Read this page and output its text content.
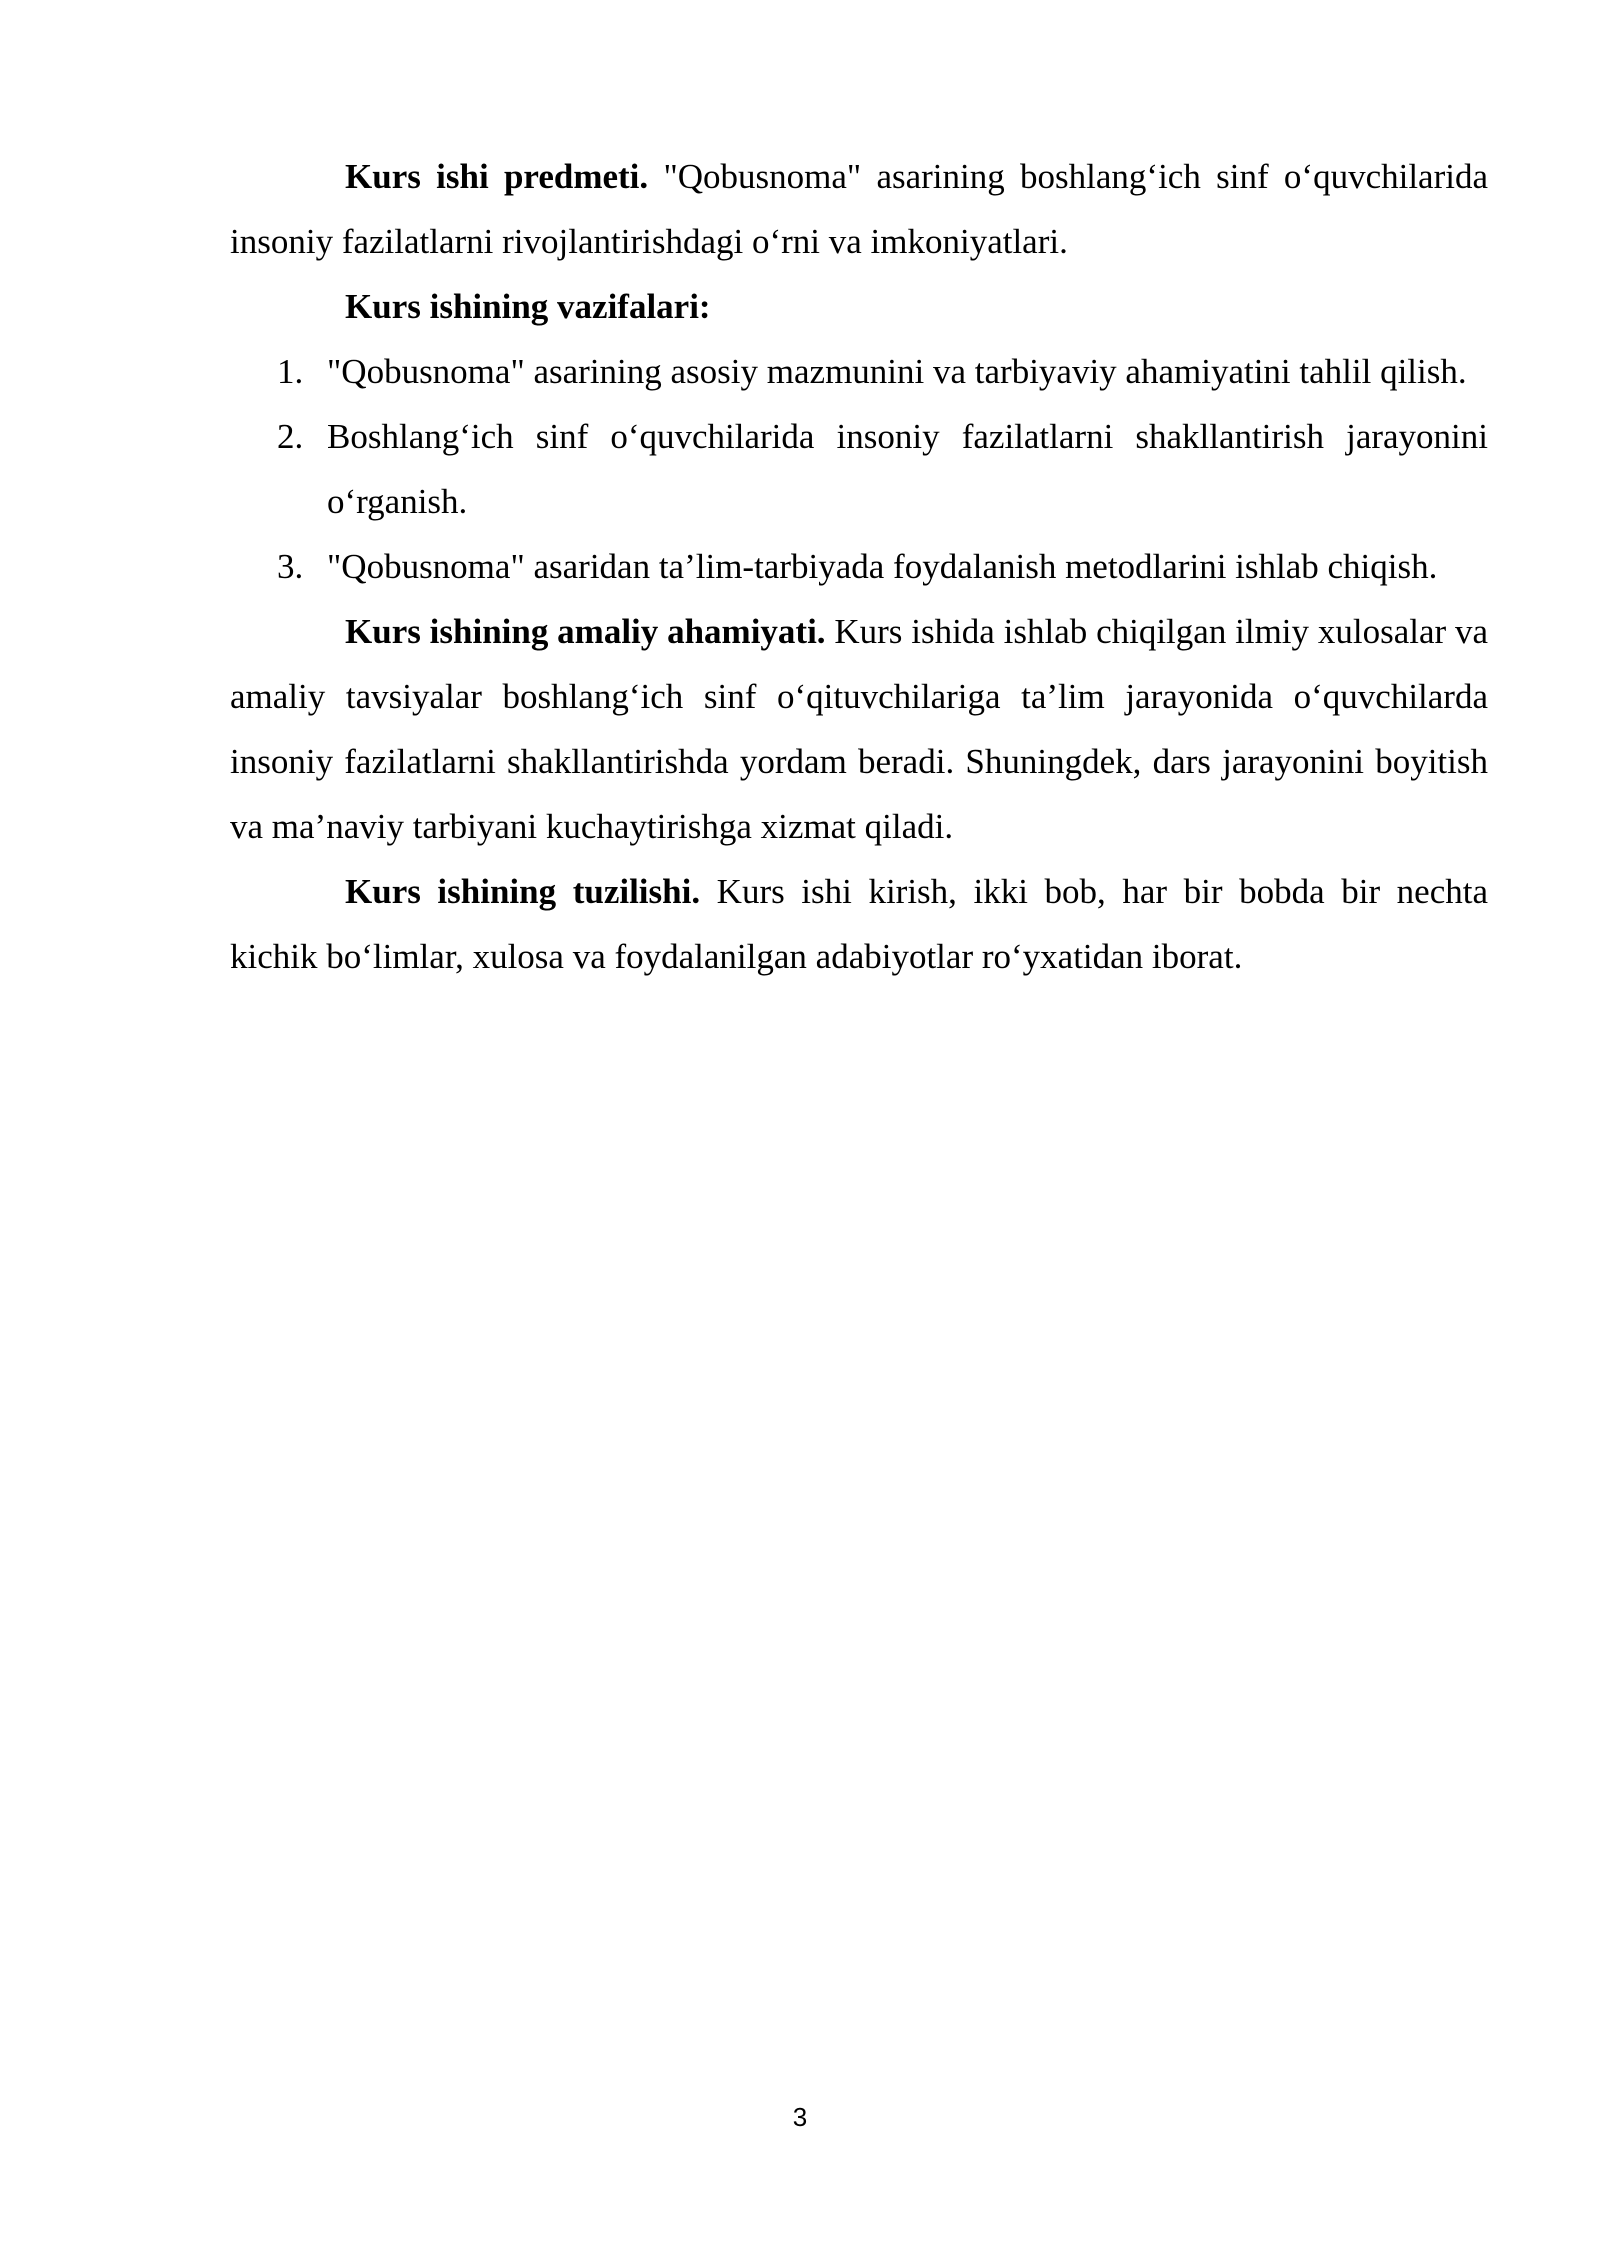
Kurs ishi predmeti. "Qobusnoma" asarining boshlang‘ich sinf o‘quvchilarida insoniy fazilatlarni rivojlantirishdagi o‘rni va imkoniyatlari.

Kurs ishining vazifalari:

1. "Qobusnoma" asarining asosiy mazmunini va tarbiyaviy ahamiyatini tahlil qilish.
2. Boshlang‘ich sinf o‘quvchilarida insoniy fazilatlarni shakllantirish jarayonini o‘rganish.
3. "Qobusnoma" asaridan ta’lim-tarbiyada foydalanish metodlarini ishlab chiqish.

Kurs ishining amaliy ahamiyati. Kurs ishida ishlab chiqilgan ilmiy xulosalar va amaliy tavsiyalar boshlang‘ich sinf o‘qituvchilariga ta’lim jarayonida o‘quvchilarda insoniy fazilatlarni shakllantirishda yordam beradi. Shuningdek, dars jarayonini boyitish va ma’naviy tarbiyani kuchaytirishga xizmat qiladi.

Kurs ishining tuzilishi. Kurs ishi kirish, ikki bob, har bir bobda bir nechta kichik bo‘limlar, xulosa va foydalanilgan adabiyotlar ro‘yxatidan iborat.

3
